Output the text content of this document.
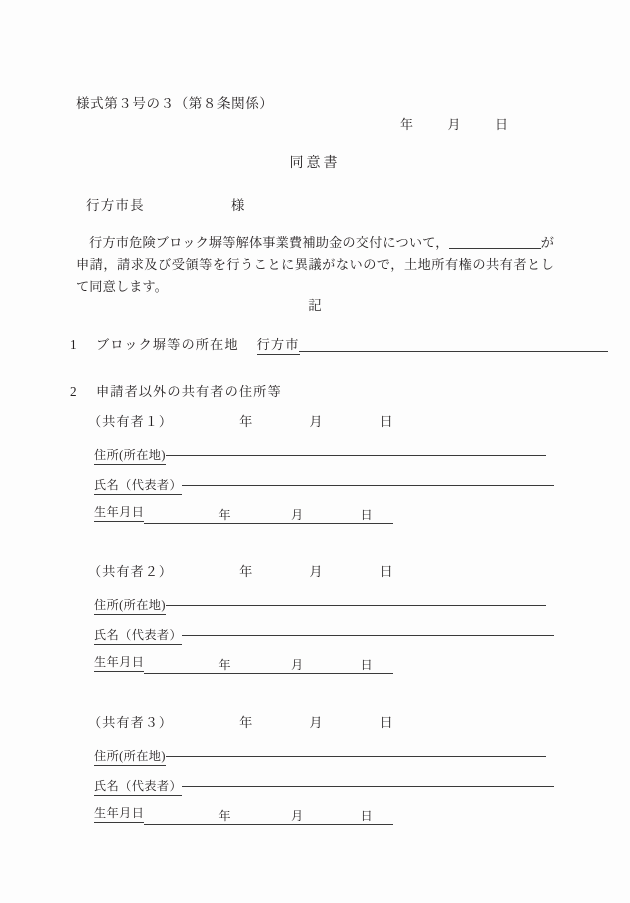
様式第３号の３（第８条関係）
年	月	日
同意書
行方市長	様
行方市危険ブロック塀等解体事業費補助金の交付について，	が申請，請求及び受領等を行うことに異議がないので，土地所有権の共有者として同意します。
記
1 ブロック塀等の所在地 行方市
2 申請者以外の共有者の住所等
（共有者１）	年	月	日
住所(所在地)
氏名（代表者）
生年月日	年	月	日
（共有者２）	年	月	日
住所(所在地)
氏名（代表者）
生年月日	年	月	日
（共有者３）	年	月	日
住所(所在地)
氏名（代表者）
生年月日	年	月	日
